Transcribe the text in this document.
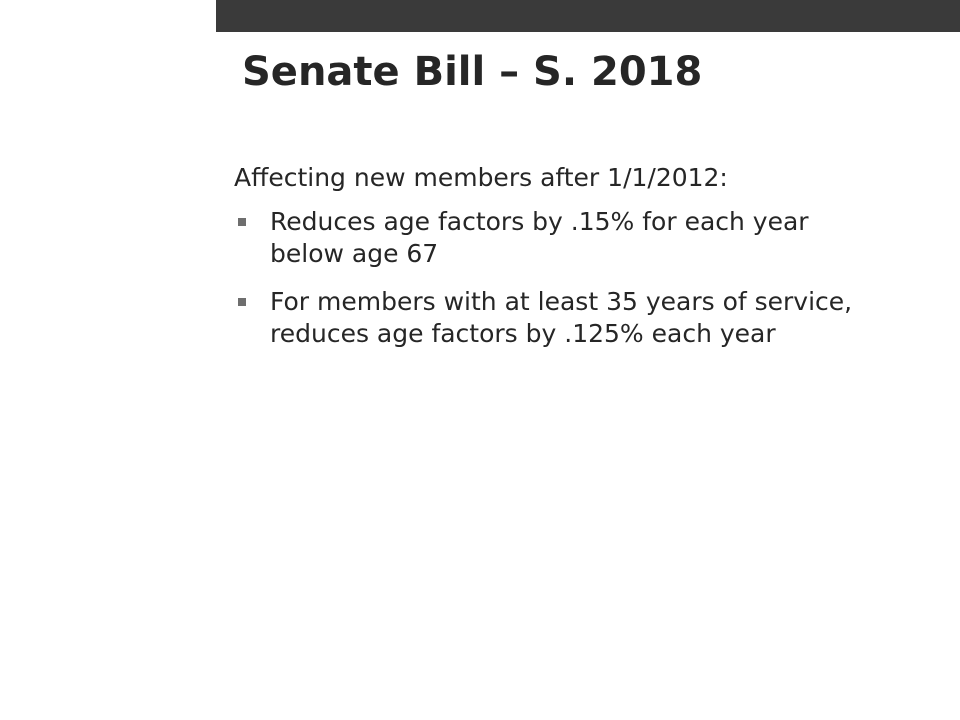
Senate Bill – S. 2018

Affecting new members after 1/1/2012:

Reduces age factors by .15% for each year below age 67
For members with at least 35 years of service, reduces age factors by .125% each year
